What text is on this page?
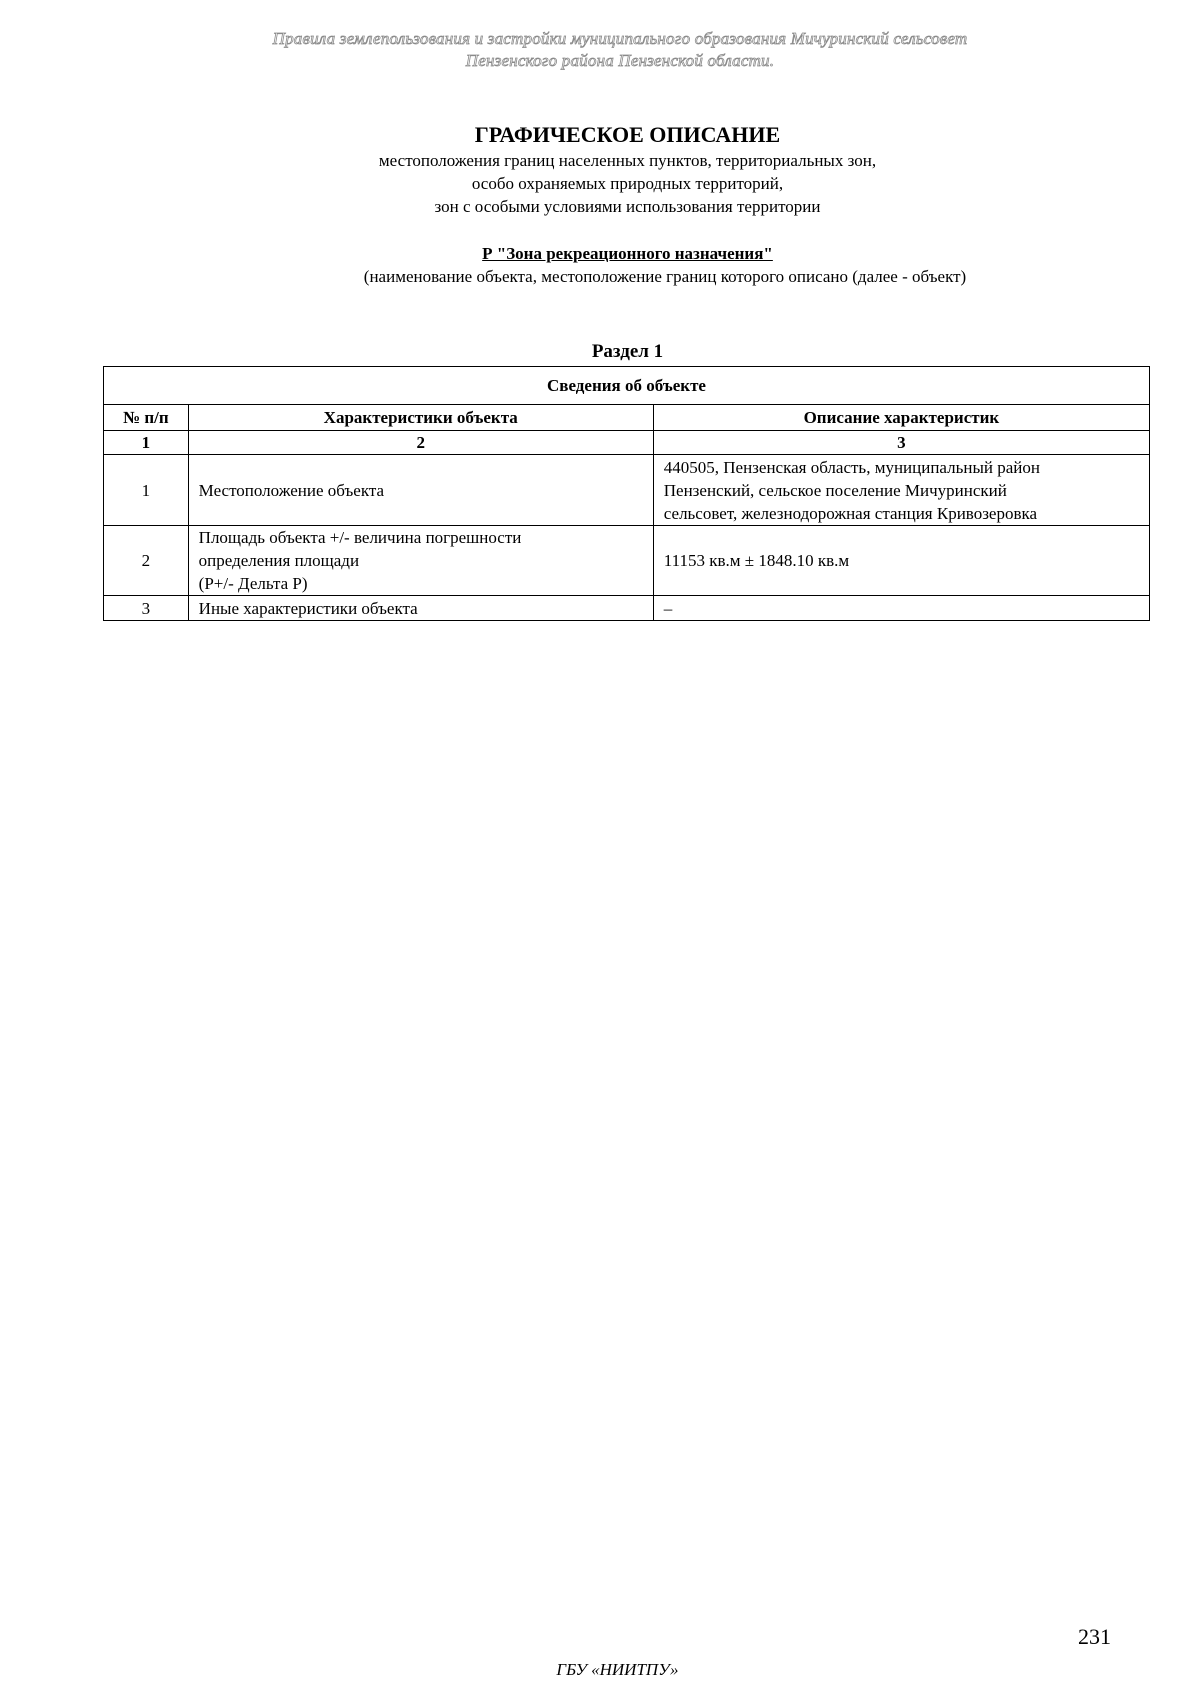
Правила землепользования и застройки муниципального образования Мичуринский сельсовет
Пензенского района Пензенской области.
ГРАФИЧЕСКОЕ ОПИСАНИЕ
местоположения границ населенных пунктов, территориальных зон,
особо охраняемых природных территорий,
зон с особыми условиями использования территории
Р "Зона рекреационного назначения"
(наименование объекта, местоположение границ которого описано (далее - объект)
Раздел 1
Сведения об объекте		
№ п/п	Характеристики объекта	Описание характеристик
1	2	3
1	Местоположение объекта	440505, Пензенская область, муниципальный район
Пензенский, сельское поселение Мичуринский
сельсовет, железнодорожная станция Кривозеровка

2	Площадь объекта +/- величина погрешности
определения площади
(Р+/- Дельта Р)	11153 кв.м ± 1848.10 кв.м

3	Иные характеристики объекта	–
231
ГБУ «НИИТПУ»
